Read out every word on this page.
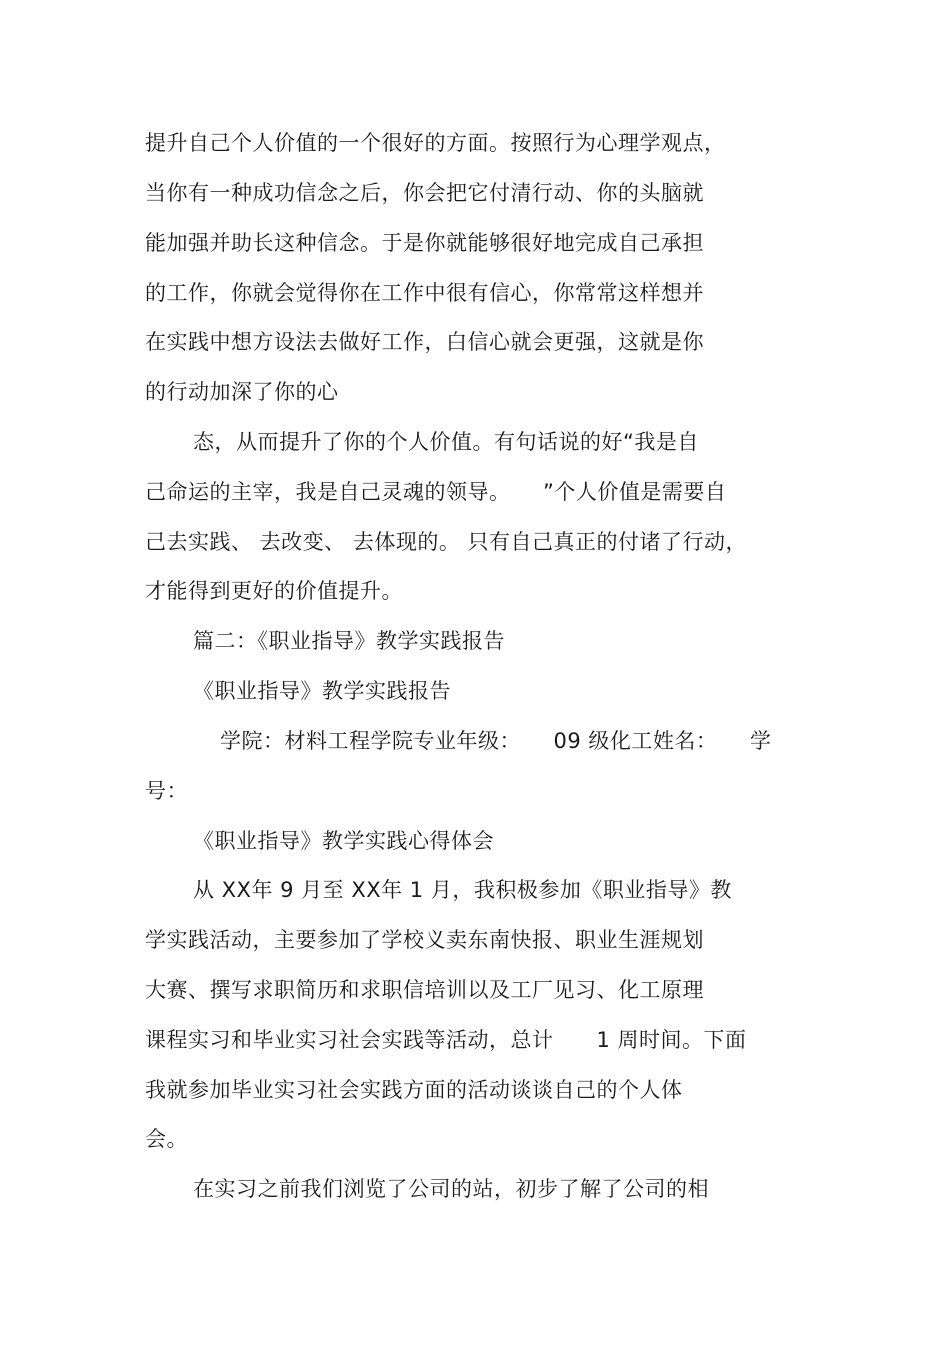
提升自己个人价值的一个很好的方面。按照行为心理学观点，
当你有一种成功信念之后，你会把它付清行动、你的头脑就
能加强并助长这种信念。于是你就能够很好地完成自己承担
的工作，你就会觉得你在工作中很有信心，你常常这样想并
在实践中想方设法去做好工作，白信心就会更强，这就是你
的行动加深了你的心
态，从而提升了你的个人价值。有句话说的好“我是自
己命运的主宰，我是自己灵魂的领导。　　”个人价值是需要自
己去实践、 去改变、 去体现的。 只有自己真正的付诸了行动，
才能得到更好的价值提升。
篇二：《职业指导》教学实践报告
《职业指导》教学实践报告
学院：材料工程学院专业年级：　　09 级化工姓名：　　学
号：
《职业指导》教学实践心得体会
从 XX年 9 月至 XX年 1 月，我积极参加《职业指导》教
学实践活动，主要参加了学校义卖东南快报、职业生涯规划
大赛、撰写求职简历和求职信培训以及工厂见习、化工原理
课程实习和毕业实习社会实践等活动，总计　　1 周时间。下面
我就参加毕业实习社会实践方面的活动谈谈自己的个人体
会。
在实习之前我们浏览了公司的站，初步了解了公司的相
